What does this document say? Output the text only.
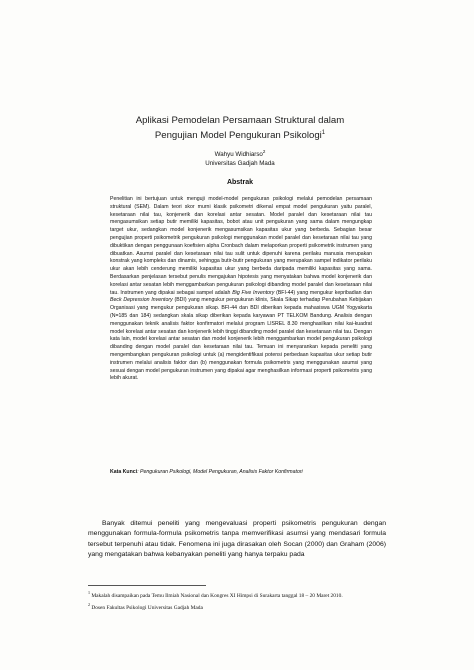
Aplikasi Pemodelan Persamaan Struktural dalam
Pengujian Model Pengukuran Psikologi$^1$
Wahyu Widhiarso$^2$
Universitas Gadjah Mada
Abstrak
Penelitian ini bertujuan untuk menguji model-model pengukuran psikologi melalui pemodelan persamaan struktural (SEM). Dalam teori skor murni klasik psikometri dikenal empat model pengukuran yaitu paralel, kesetaraan nilai tau, konjenerik dan korelasi antar sesatan. Model paralel dan kesetaraan nilai tau mengasumsikan setiap butir memiliki kapasitas, bobot atau unit pengukuran yang sama dalam mengungkap target ukur, sedangkan model konjenerik mengasumsikan kapasitas ukur yang berbeda. Sebagian besar pengujian properti psikometrik pengukuran psikologi menggunakan model paralel dan kesetaraan nilai tau yang dibuktikan dengan penggunaan koefisien alpha Cronbach dalam melaporkan properti psikometrik instrumen yang dibuatkan. Asumsi paralel dan kesetaraan nilai tau sulit untuk dipenuhi karena perilaku manusia merupakan konstrak yang kompleks dan dinamis, sehingga butir-butir pengukuran yang merupakan sampel indikator perilaku ukur akan lebih cenderung memiliki kapasitas ukur yang berbeda daripada memiliki kapasitas yang sama. Berdasarkan penjelasan tersebut penulis mengajukan hipotesis yang menyatakan bahwa model konjenerik dan korelasi antar sesatan lebih menggambarkan pengukuran psikologi dibanding model paralel dan kesetaraan nilai tau. Instrumen yang dipakai sebagai sampel adalah Big Five Inventory (BFI-44) yang mengukur kepribadian dan Beck Depression Inventory (BDI) yang mengukur pengukuran klinis, Skala Sikap terhadap Perubahan Kebijakan Organisasi yang mengukur pengukuran sikap. BFI-44 dan BDI diberikan kepada mahasiswa UGM Yogyakarta (N=185 dan 184) sedangkan skala sikap diberikan kepada karyawan PT TELKOM Bandung. Analisis dengan menggunakan teknik analisis faktor konfirmatori melalui program LISREL 8.30 menghasilkan nilai kai-kuadrat model korelasi antar sesatan dan konjenerik lebih tinggi dibanding model paralel dan kesetaraan nilai tau. Dengan kata lain, model korelasi antar sesatan dan model konjenerik lebih menggambarkan model pengukuran psikologi dibanding dengan model paralel dan kesetaraan nilai tau. Temuan ini menyarankan kepada peneliti yang mengembangkan pengukuran psikologi untuk (a) mengidentifikasi potensi perbedaan kapasitas ukur setiap butir instrumen melalui analisis faktor dan (b) menggunakan formula psikometris yang menggunakan asumsi yang sesuai dengan model pengukuran instrumen yang dipakai agar menghasilkan informasi properti psikometris yang lebih akurat.
Kata Kunci: Pengukuran Psikologi, Model Pengukuran, Analisis Faktor Konfirmatori
Banyak ditemui peneliti yang mengevaluasi properti psikometris pengukuran dengan menggunakan formula-formula psikometris tanpa memverifikasi asumsi yang mendasari formula tersebut terpenuhi atau tidak. Fenomena ini juga dirasakan oleh Socan (2000) dan Graham (2006) yang mengatakan bahwa kebanyakan peneliti yang hanya terpaku pada
$^1$ Makalah disampaikan pada Temu Ilmiah Nasional dan Kongres XI Himpsi di Surakarta tanggal 18 – 20 Maret 2010.
$^2$ Dosen Fakultas Psikologi Universitas Gadjah Mada
